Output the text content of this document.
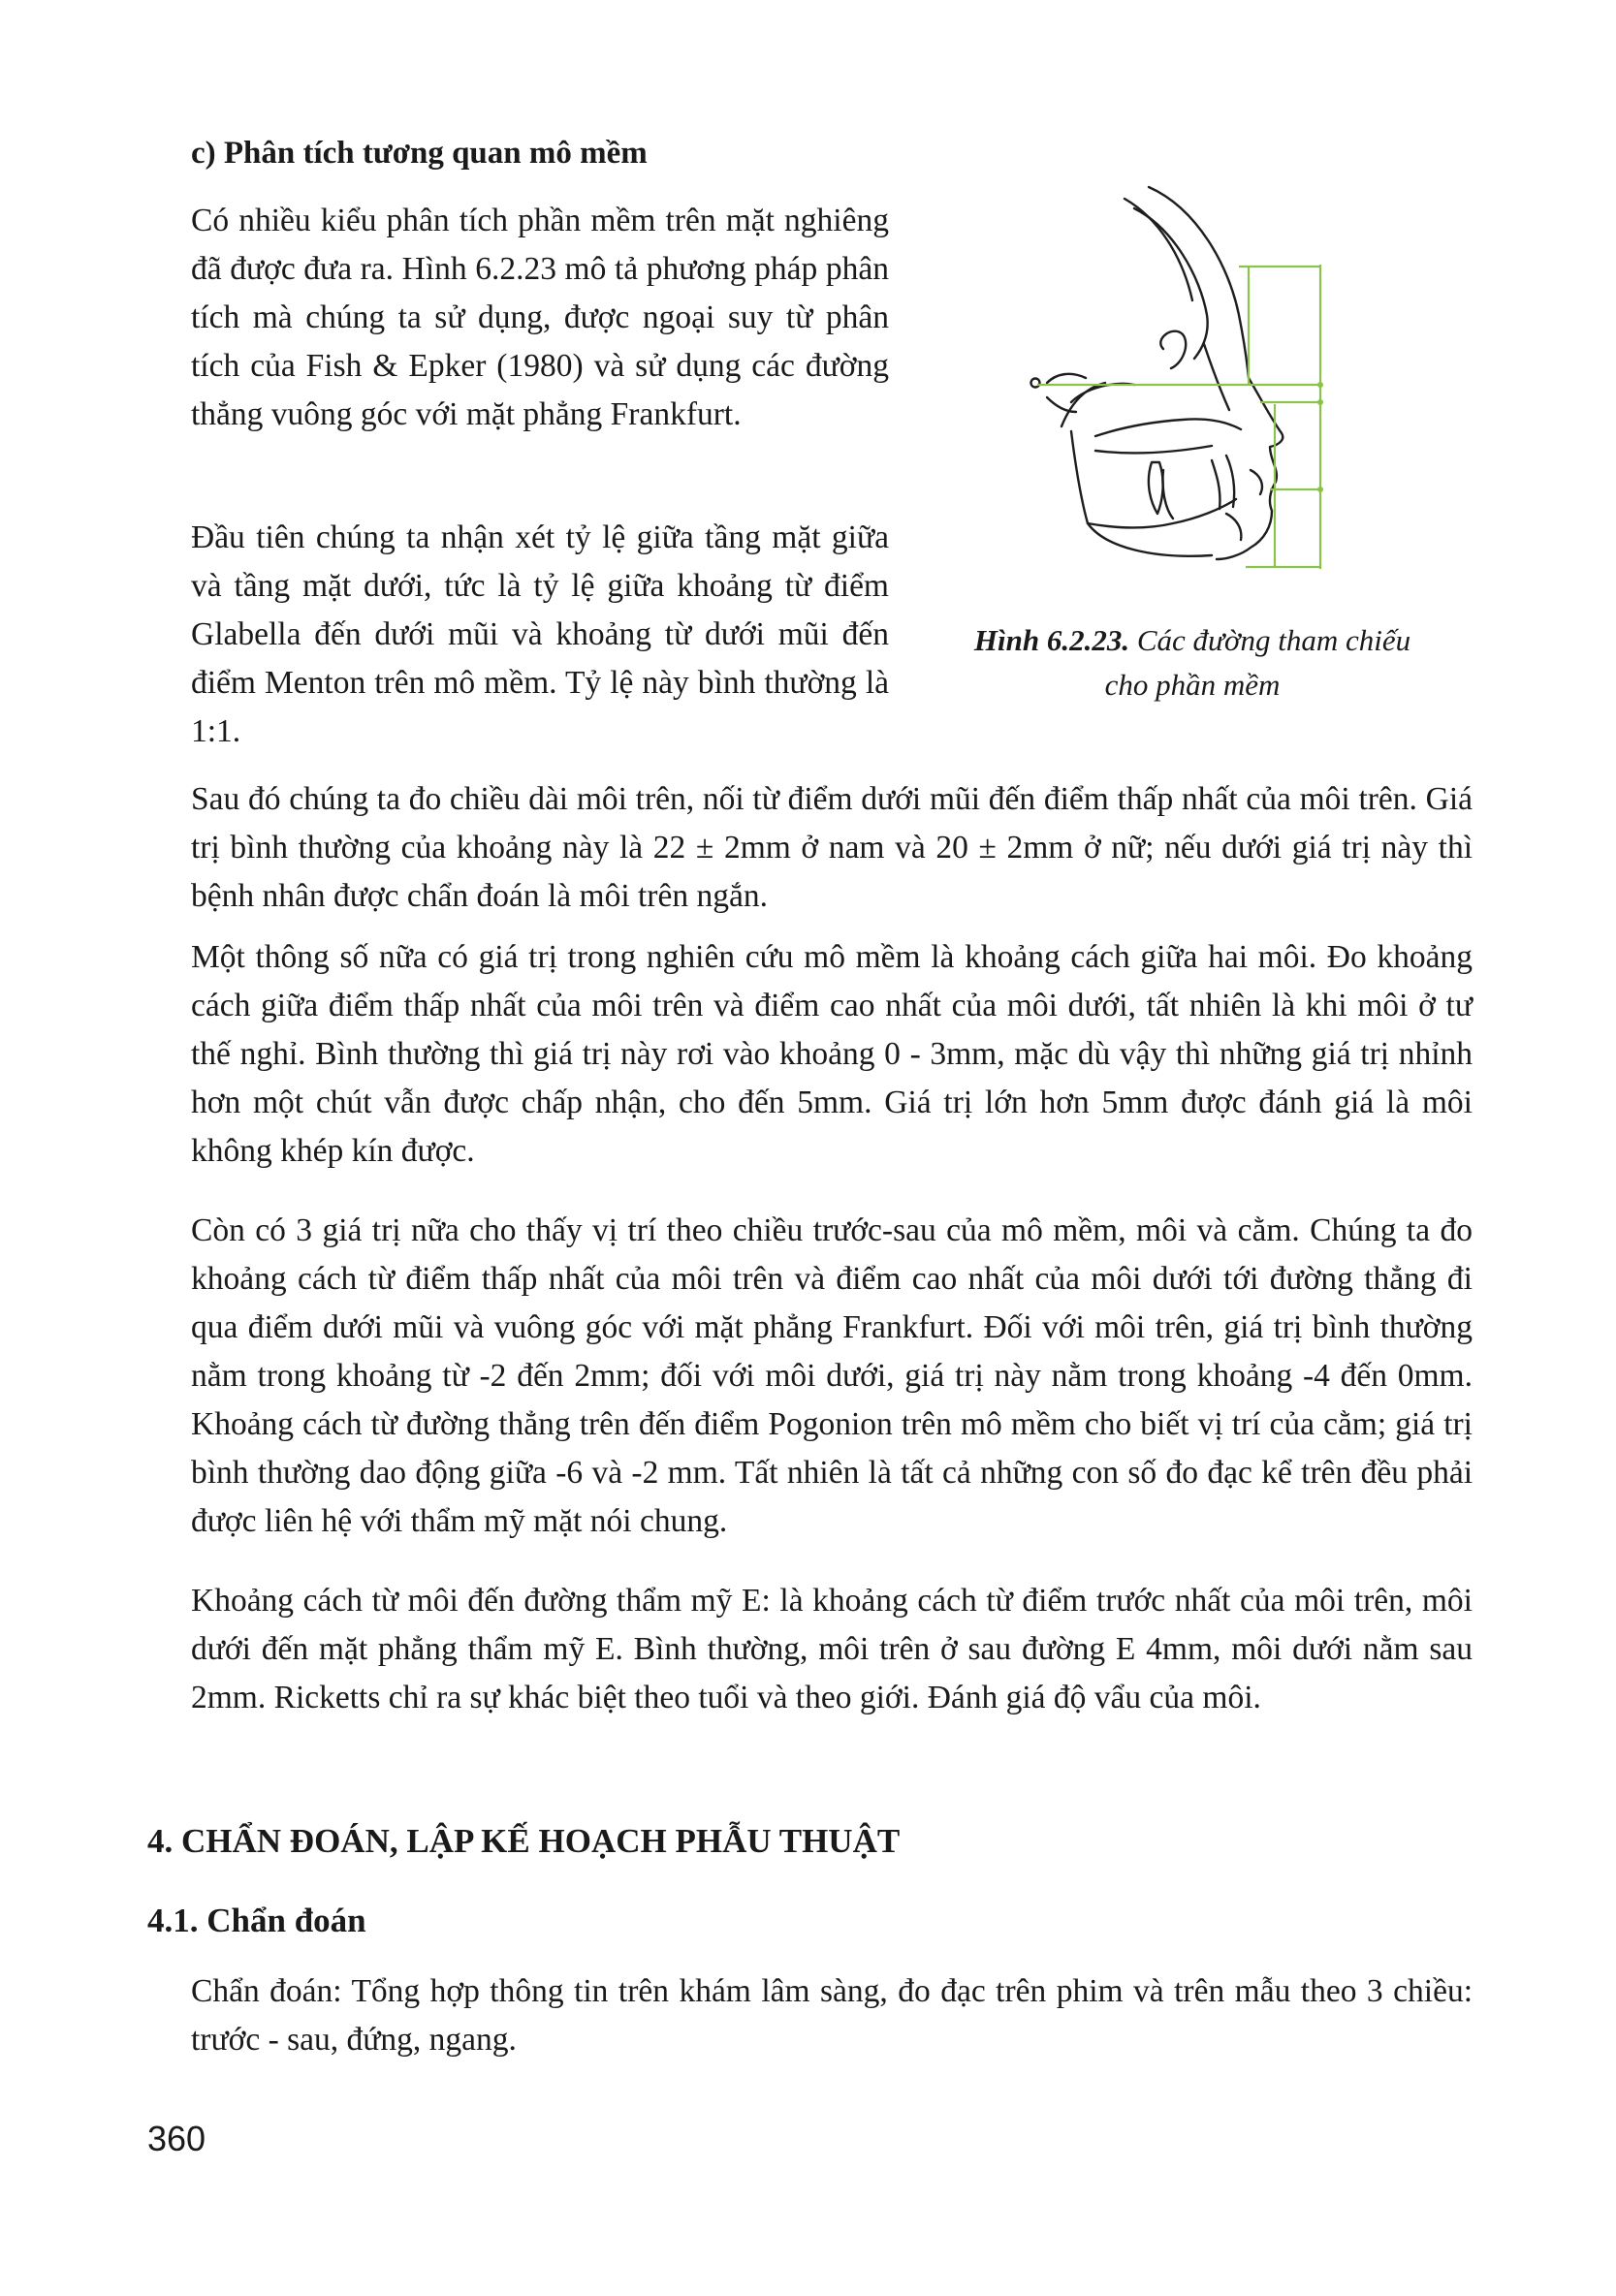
c) Phân tích tương quan mô mềm

Có nhiều kiểu phân tích phần mềm trên mặt nghiêng đã được đưa ra. Hình 6.2.23 mô tả phương pháp phân tích mà chúng ta sử dụng, được ngoại suy từ phân tích của Fish & Epker (1980) và sử dụng các đường thẳng vuông góc với mặt phẳng Frankfurt.

Đầu tiên chúng ta nhận xét tỷ lệ giữa tầng mặt giữa và tầng mặt dưới, tức là tỷ lệ giữa khoảng từ điểm Glabella đến dưới mũi và khoảng từ dưới mũi đến điểm Menton trên mô mềm. Tỷ lệ này bình thường là 1:1.

Hình 6.2.23. Các đường tham chiếu
cho phần mềm

Sau đó chúng ta đo chiều dài môi trên, nối từ điểm dưới mũi đến điểm thấp nhất của môi trên. Giá trị bình thường của khoảng này là 22 ± 2mm ở nam và 20 ± 2mm ở nữ; nếu dưới giá trị này thì bệnh nhân được chẩn đoán là môi trên ngắn.

Một thông số nữa có giá trị trong nghiên cứu mô mềm là khoảng cách giữa hai môi. Đo khoảng cách giữa điểm thấp nhất của môi trên và điểm cao nhất của môi dưới, tất nhiên là khi môi ở tư thế nghỉ. Bình thường thì giá trị này rơi vào khoảng 0 - 3mm, mặc dù vậy thì những giá trị nhỉnh hơn một chút vẫn được chấp nhận, cho đến 5mm. Giá trị lớn hơn 5mm được đánh giá là môi không khép kín được.

Còn có 3 giá trị nữa cho thấy vị trí theo chiều trước-sau của mô mềm, môi và cằm. Chúng ta đo khoảng cách từ điểm thấp nhất của môi trên và điểm cao nhất của môi dưới tới đường thẳng đi qua điểm dưới mũi và vuông góc với mặt phẳng Frankfurt. Đối với môi trên, giá trị bình thường nằm trong khoảng từ -2 đến 2mm; đối với môi dưới, giá trị này nằm trong khoảng -4 đến 0mm. Khoảng cách từ đường thẳng trên đến điểm Pogonion trên mô mềm cho biết vị trí của cằm; giá trị bình thường dao động giữa -6 và -2 mm. Tất nhiên là tất cả những con số đo đạc kể trên đều phải được liên hệ với thẩm mỹ mặt nói chung.

Khoảng cách từ môi đến đường thẩm mỹ E: là khoảng cách từ điểm trước nhất của môi trên, môi dưới đến mặt phẳng thẩm mỹ E. Bình thường, môi trên ở sau đường E 4mm, môi dưới nằm sau 2mm. Ricketts chỉ ra sự khác biệt theo tuổi và theo giới. Đánh giá độ vẩu của môi.

4. CHẨN ĐOÁN, LẬP KẾ HOẠCH PHẪU THUẬT
4.1. Chẩn đoán

Chẩn đoán: Tổng hợp thông tin trên khám lâm sàng, đo đạc trên phim và trên mẫu theo 3 chiều: trước - sau, đứng, ngang.

360
